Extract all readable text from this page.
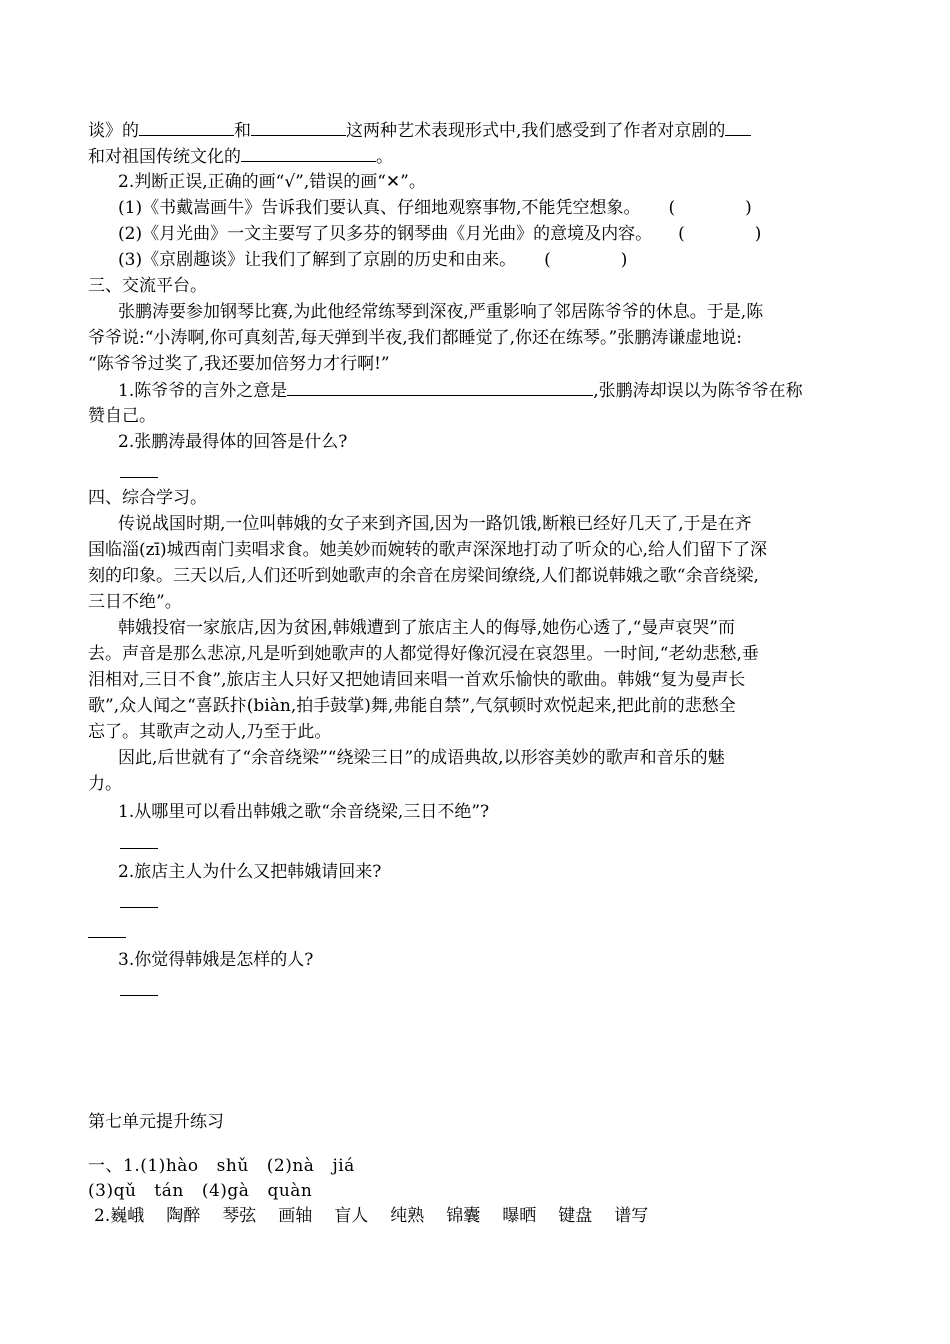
谈》的	和	这两种艺术表现形式中,我们感受到了作者对京剧的
和对祖国传统文化的	。
2.判断正误,正确的画“√”,错误的画“✕”。
(1)《书戴嵩画牛》告诉我们要认真、仔细地观察事物,不能凭空想象。 (	)
(2)《月光曲》一文主要写了贝多芬的钢琴曲《月光曲》的意境及内容。 (	)
(3)《京剧趣谈》让我们了解到了京剧的历史和由来。 (	)
三、交流平台。
张鹏涛要参加钢琴比赛,为此他经常练琴到深夜,严重影响了邻居陈爷爷的休息。于是,陈
爷爷说:“小涛啊,你可真刻苦,每天弹到半夜,我们都睡觉了,你还在练琴。”张鹏涛谦虚地说:
“陈爷爷过奖了,我还要加倍努力才行啊!”
1.陈爷爷的言外之意是	,张鹏涛却误以为陈爷爷在称
赞自己。
2.张鹏涛最得体的回答是什么?
四、综合学习。
传说战国时期,一位叫韩娥的女子来到齐国,因为一路饥饿,断粮已经好几天了,于是在齐
国临淄(zī)城西南门卖唱求食。她美妙而婉转的歌声深深地打动了听众的心,给人们留下了深
刻的印象。三天以后,人们还听到她歌声的余音在房梁间缭绕,人们都说韩娥之歌“余音绕梁,
三日不绝”。
韩娥投宿一家旅店,因为贫困,韩娥遭到了旅店主人的侮辱,她伤心透了,“曼声哀哭”而
去。声音是那么悲凉,凡是听到她歌声的人都觉得好像沉浸在哀怨里。一时间,“老幼悲愁,垂
泪相对,三日不食”,旅店主人只好又把她请回来唱一首欢乐愉快的歌曲。韩娥“复为曼声长
歌”,众人闻之“喜跃抃(biàn,拍手鼓掌)舞,弗能自禁”,气氛顿时欢悦起来,把此前的悲愁全
忘了。其歌声之动人,乃至于此。
因此,后世就有了“余音绕梁”“绕梁三日”的成语典故,以形容美妙的歌声和音乐的魅
力。
1.从哪里可以看出韩娥之歌“余音绕梁,三日不绝”?
2.旅店主人为什么又把韩娥请回来?
3.你觉得韩娥是怎样的人?
第七单元提升练习
一、1.(1)hào shǔ (2)nà jiá
(3)qǔ tán (4)gà quàn
2.巍峨 陶醉 琴弦 画轴 盲人 纯熟 锦囊 曝晒 键盘 谱写
